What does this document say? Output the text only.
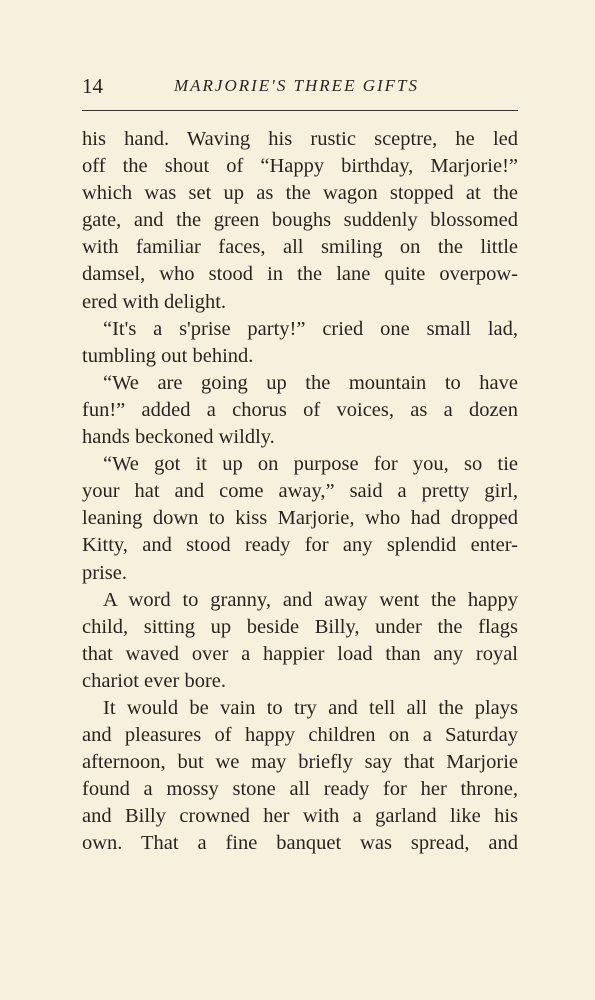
14	MARJORIE'S THREE GIFTS
his hand. Waving his rustic sceptre, he led
off the shout of “Happy birthday, Marjorie!”
which was set up as the wagon stopped at the
gate, and the green boughs suddenly blossomed
with familiar faces, all smiling on the little
damsel, who stood in the lane quite overpow-
ered with delight.
“It's a s'prise party!” cried one small lad,
tumbling out behind.
“We are going up the mountain to have
fun!” added a chorus of voices, as a dozen
hands beckoned wildly.
“We got it up on purpose for you, so tie
your hat and come away,” said a pretty girl,
leaning down to kiss Marjorie, who had dropped
Kitty, and stood ready for any splendid enter-
prise.
A word to granny, and away went the happy
child, sitting up beside Billy, under the flags
that waved over a happier load than any royal
chariot ever bore.
It would be vain to try and tell all the plays
and pleasures of happy children on a Saturday
afternoon, but we may briefly say that Marjorie
found a mossy stone all ready for her throne,
and Billy crowned her with a garland like his
own. That a fine banquet was spread, and
